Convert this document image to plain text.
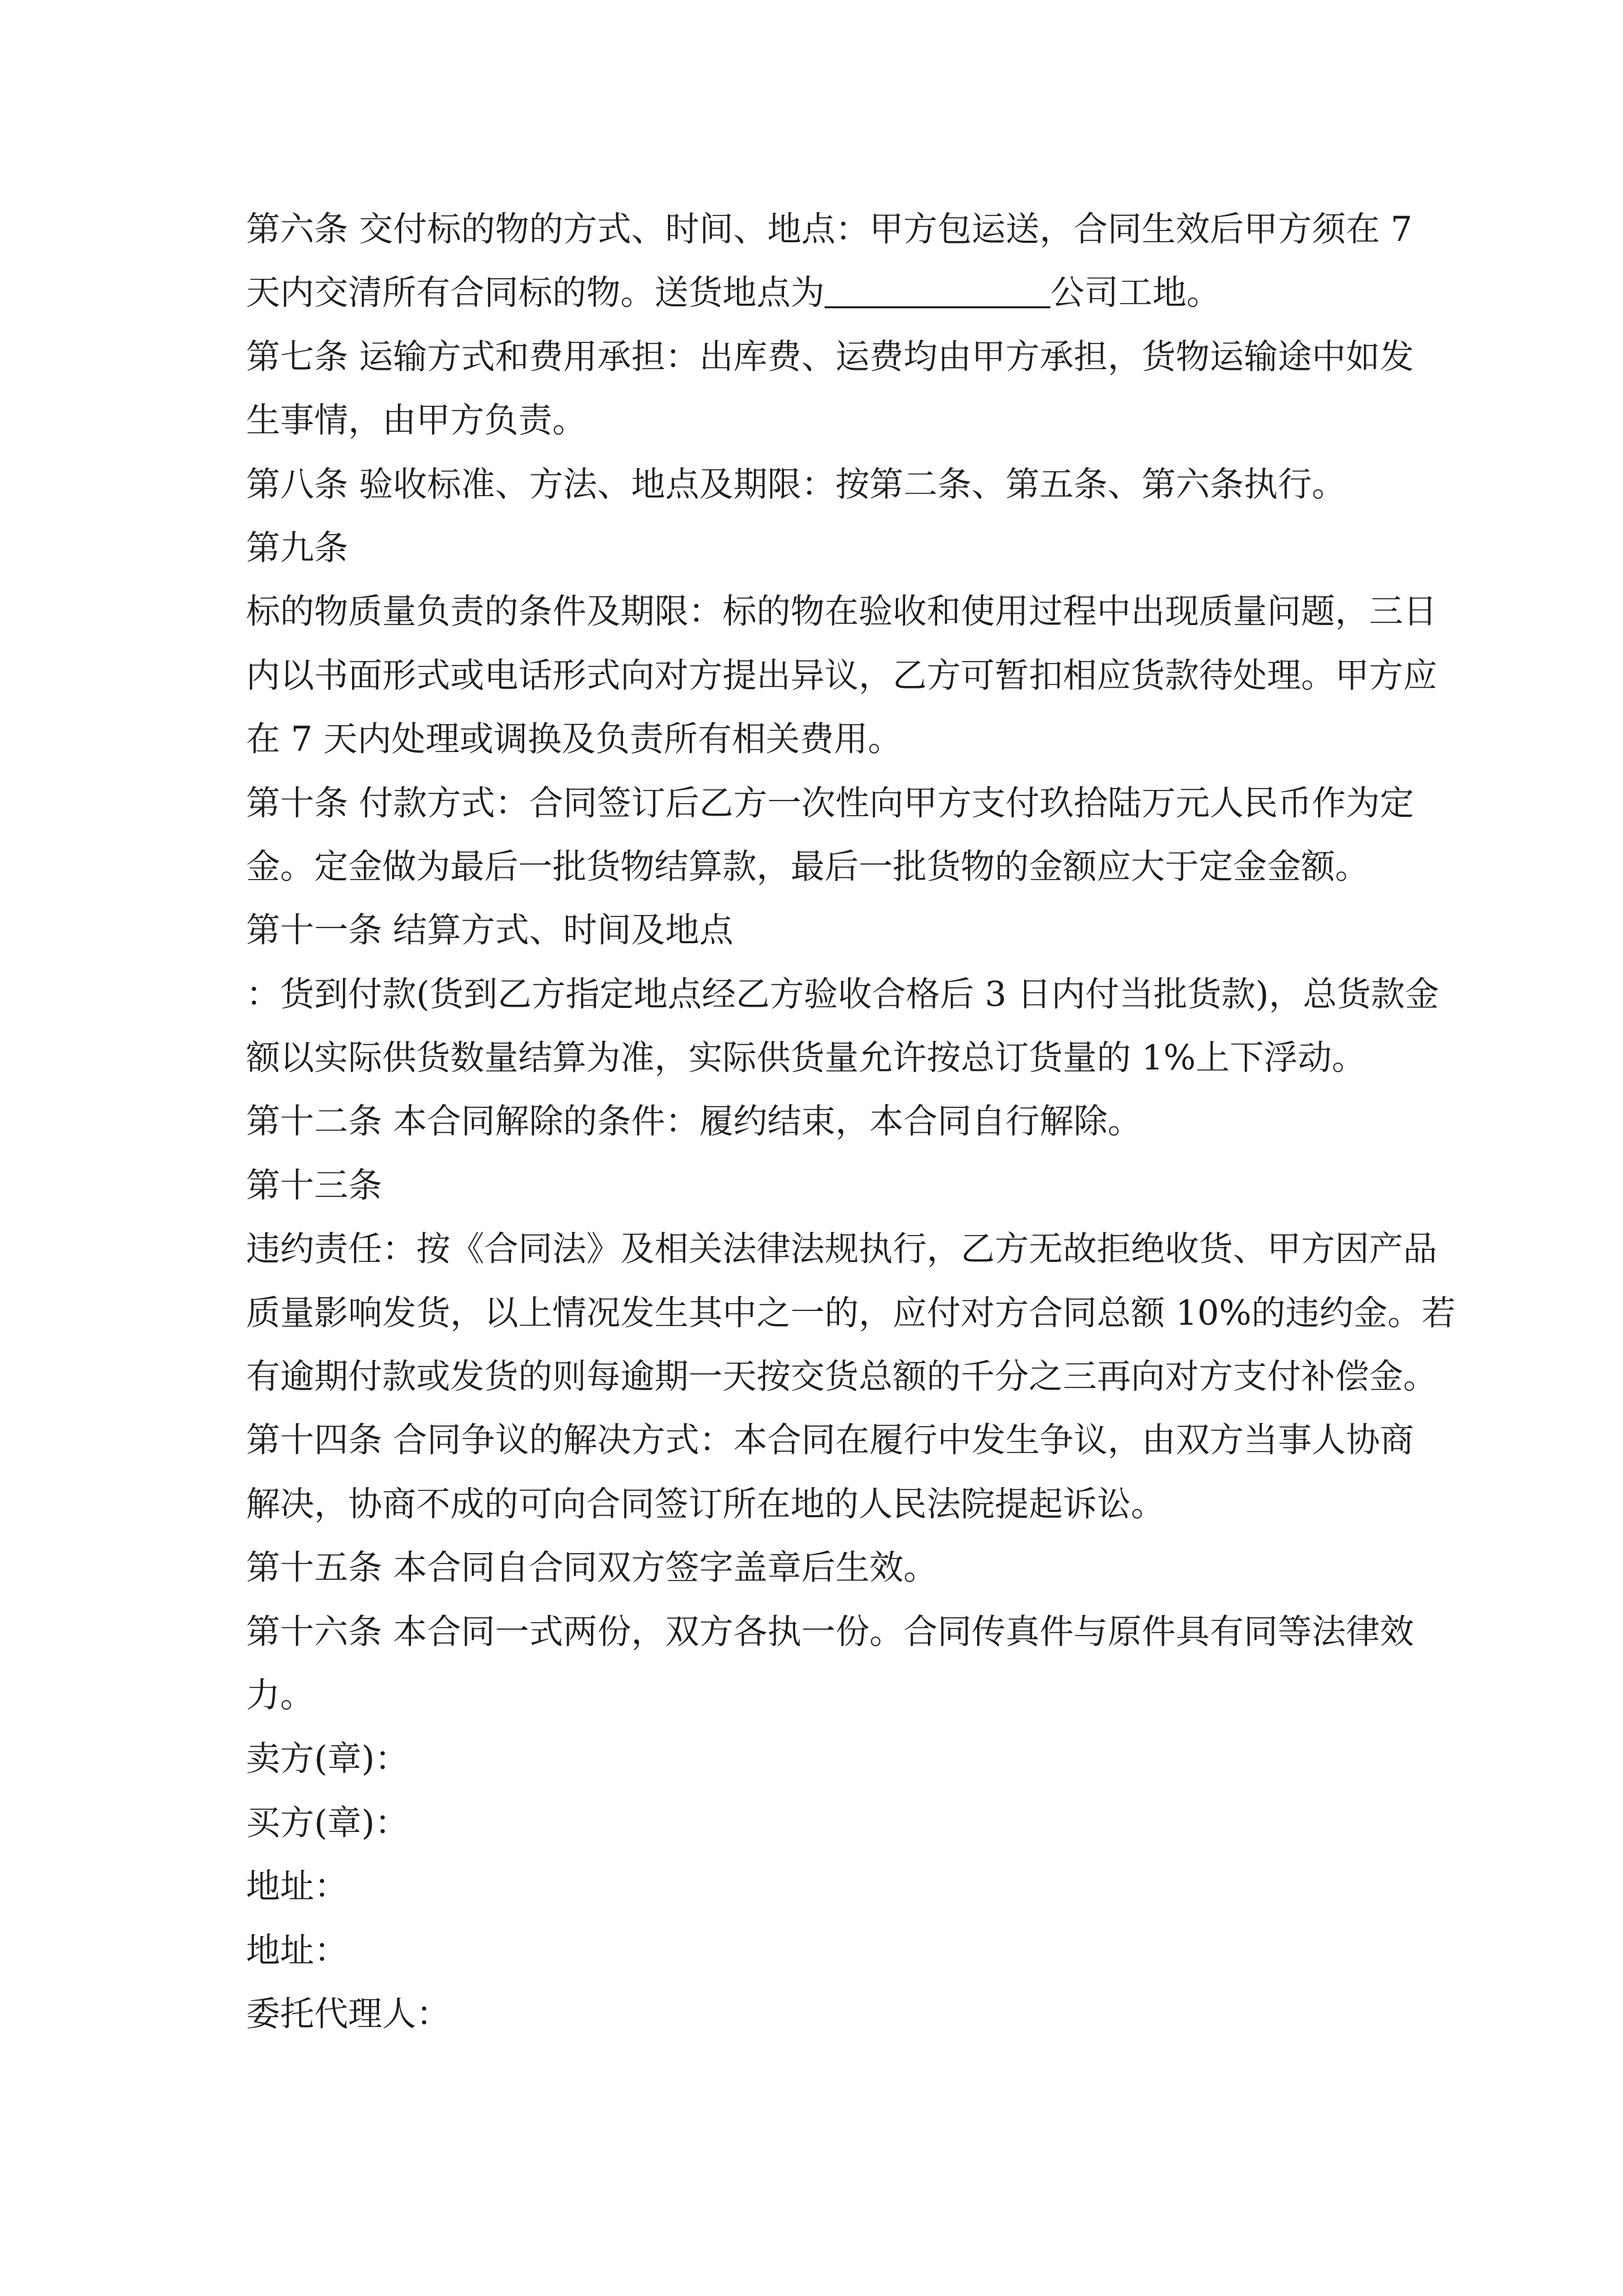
第六条 交付标的物的方式、时间、地点：甲方包运送，合同生效后甲方须在 7
天内交清所有合同标的物。送货地点为	公司工地。
第七条 运输方式和费用承担：出库费、运费均由甲方承担，货物运输途中如发
生事情，由甲方负责。
第八条 验收标准、方法、地点及期限：按第二条、第五条、第六条执行。
第九条
标的物质量负责的条件及期限：标的物在验收和使用过程中出现质量问题，三日
内以书面形式或电话形式向对方提出异议，乙方可暂扣相应货款待处理。甲方应
在 7 天内处理或调换及负责所有相关费用。
第十条 付款方式：合同签订后乙方一次性向甲方支付玖拾陆万元人民币作为定
金。定金做为最后一批货物结算款，最后一批货物的金额应大于定金金额。
第十一条 结算方式、时间及地点
：货到付款(货到乙方指定地点经乙方验收合格后 3 日内付当批货款)，总货款金
额以实际供货数量结算为准，实际供货量允许按总订货量的 1%上下浮动。
第十二条 本合同解除的条件：履约结束，本合同自行解除。
第十三条
违约责任：按《合同法》及相关法律法规执行，乙方无故拒绝收货、甲方因产品
质量影响发货，以上情况发生其中之一的，应付对方合同总额 10%的违约金。若
有逾期付款或发货的则每逾期一天按交货总额的千分之三再向对方支付补偿金。
第十四条 合同争议的解决方式：本合同在履行中发生争议，由双方当事人协商
解决，协商不成的可向合同签订所在地的人民法院提起诉讼。
第十五条 本合同自合同双方签字盖章后生效。
第十六条 本合同一式两份，双方各执一份。合同传真件与原件具有同等法律效
力。
卖方(章)：
买方(章)：
地址：
地址：
委托代理人：
